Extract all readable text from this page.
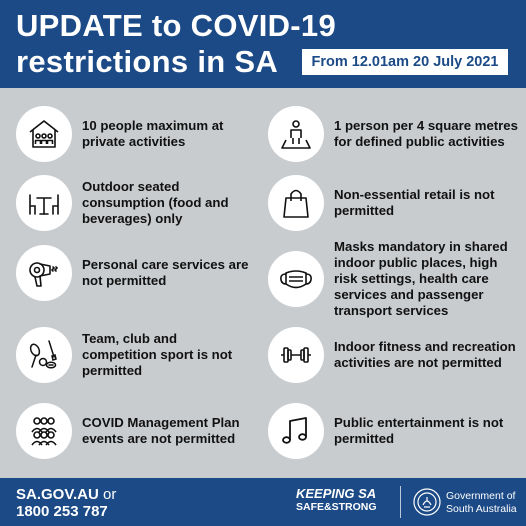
UPDATE to COVID-19
restrictions in SA	From 12.01am 20 July 2021
10 people maximum at private activities
Outdoor seated consumption (food and beverages) only
Personal care services are not permitted
Team, club and competition sport is not permitted
COVID Management Plan events are not permitted
1 person per 4 square metres for defined public activities
Non-essential retail is not permitted
Masks mandatory in shared indoor public places, high risk settings, health care services and passenger transport services
Indoor fitness and recreation activities are not permitted
Public entertainment is not permitted
SA.GOV.AU or
1800 253 787
KEEPING SA
SAFE&STRONG
Government of
South Australia
